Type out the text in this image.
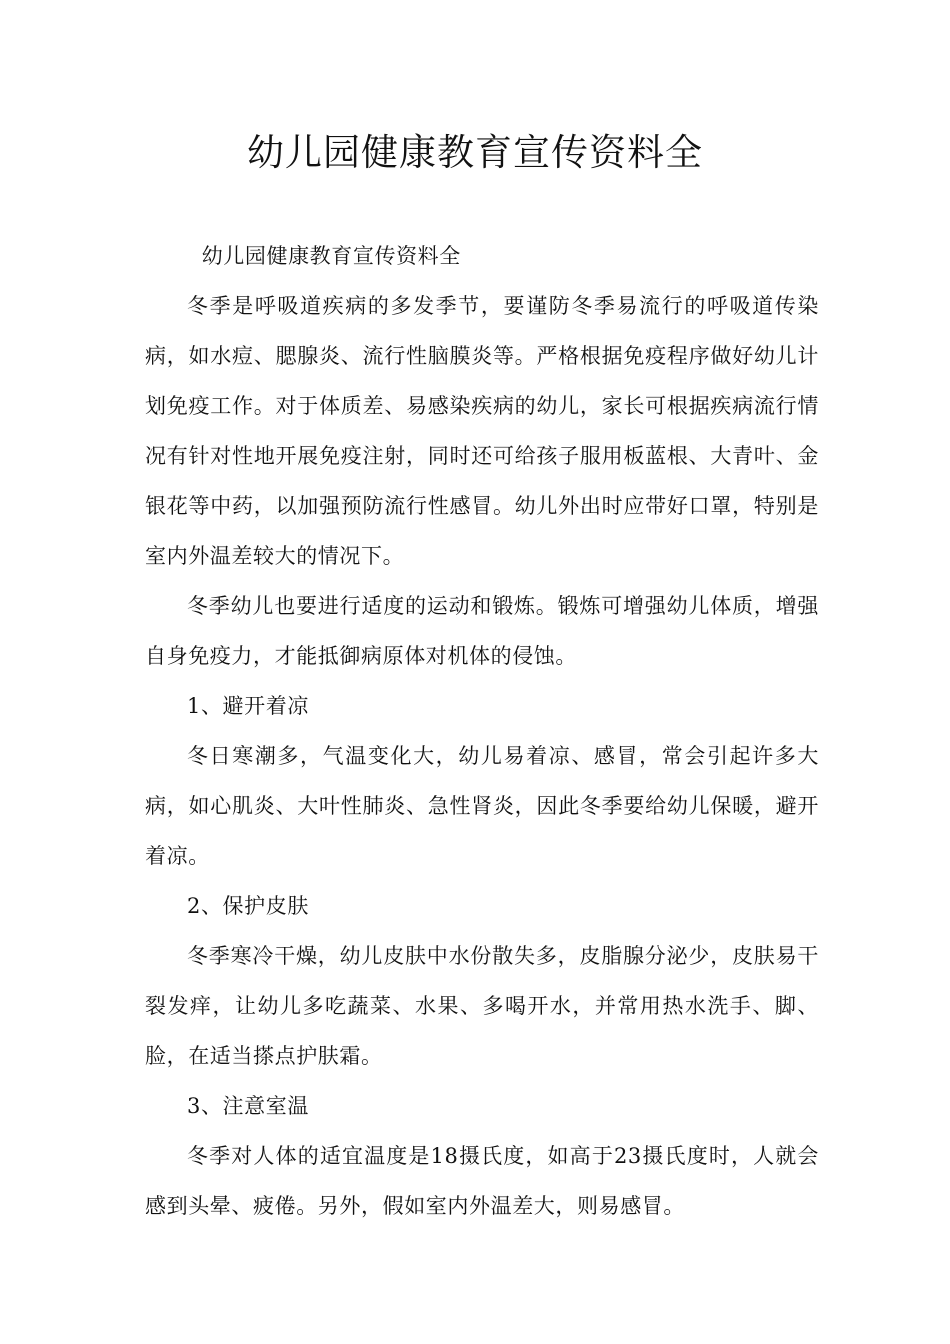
幼儿园健康教育宣传资料全

幼儿园健康教育宣传资料全

冬季是呼吸道疾病的多发季节，要谨防冬季易流行的呼吸道传染病，如水痘、腮腺炎、流行性脑膜炎等。严格根据免疫程序做好幼儿计划免疫工作。对于体质差、易感染疾病的幼儿，家长可根据疾病流行情况有针对性地开展免疫注射，同时还可给孩子服用板蓝根、大青叶、金银花等中药，以加强预防流行性感冒。幼儿外出时应带好口罩，特别是室内外温差较大的情况下。

冬季幼儿也要进行适度的运动和锻炼。锻炼可增强幼儿体质，增强自身免疫力，才能抵御病原体对机体的侵蚀。

1、避开着凉

冬日寒潮多，气温变化大，幼儿易着凉、感冒，常会引起许多大病，如心肌炎、大叶性肺炎、急性肾炎，因此冬季要给幼儿保暖，避开着凉。

2、保护皮肤

冬季寒冷干燥，幼儿皮肤中水份散失多，皮脂腺分泌少，皮肤易干裂发痒，让幼儿多吃蔬菜、水果、多喝开水，并常用热水洗手、脚、脸，在适当搽点护肤霜。

3、注意室温

冬季对人体的适宜温度是18摄氏度，如高于23摄氏度时，人就会感到头晕、疲倦。另外，假如室内外温差大，则易感冒。
